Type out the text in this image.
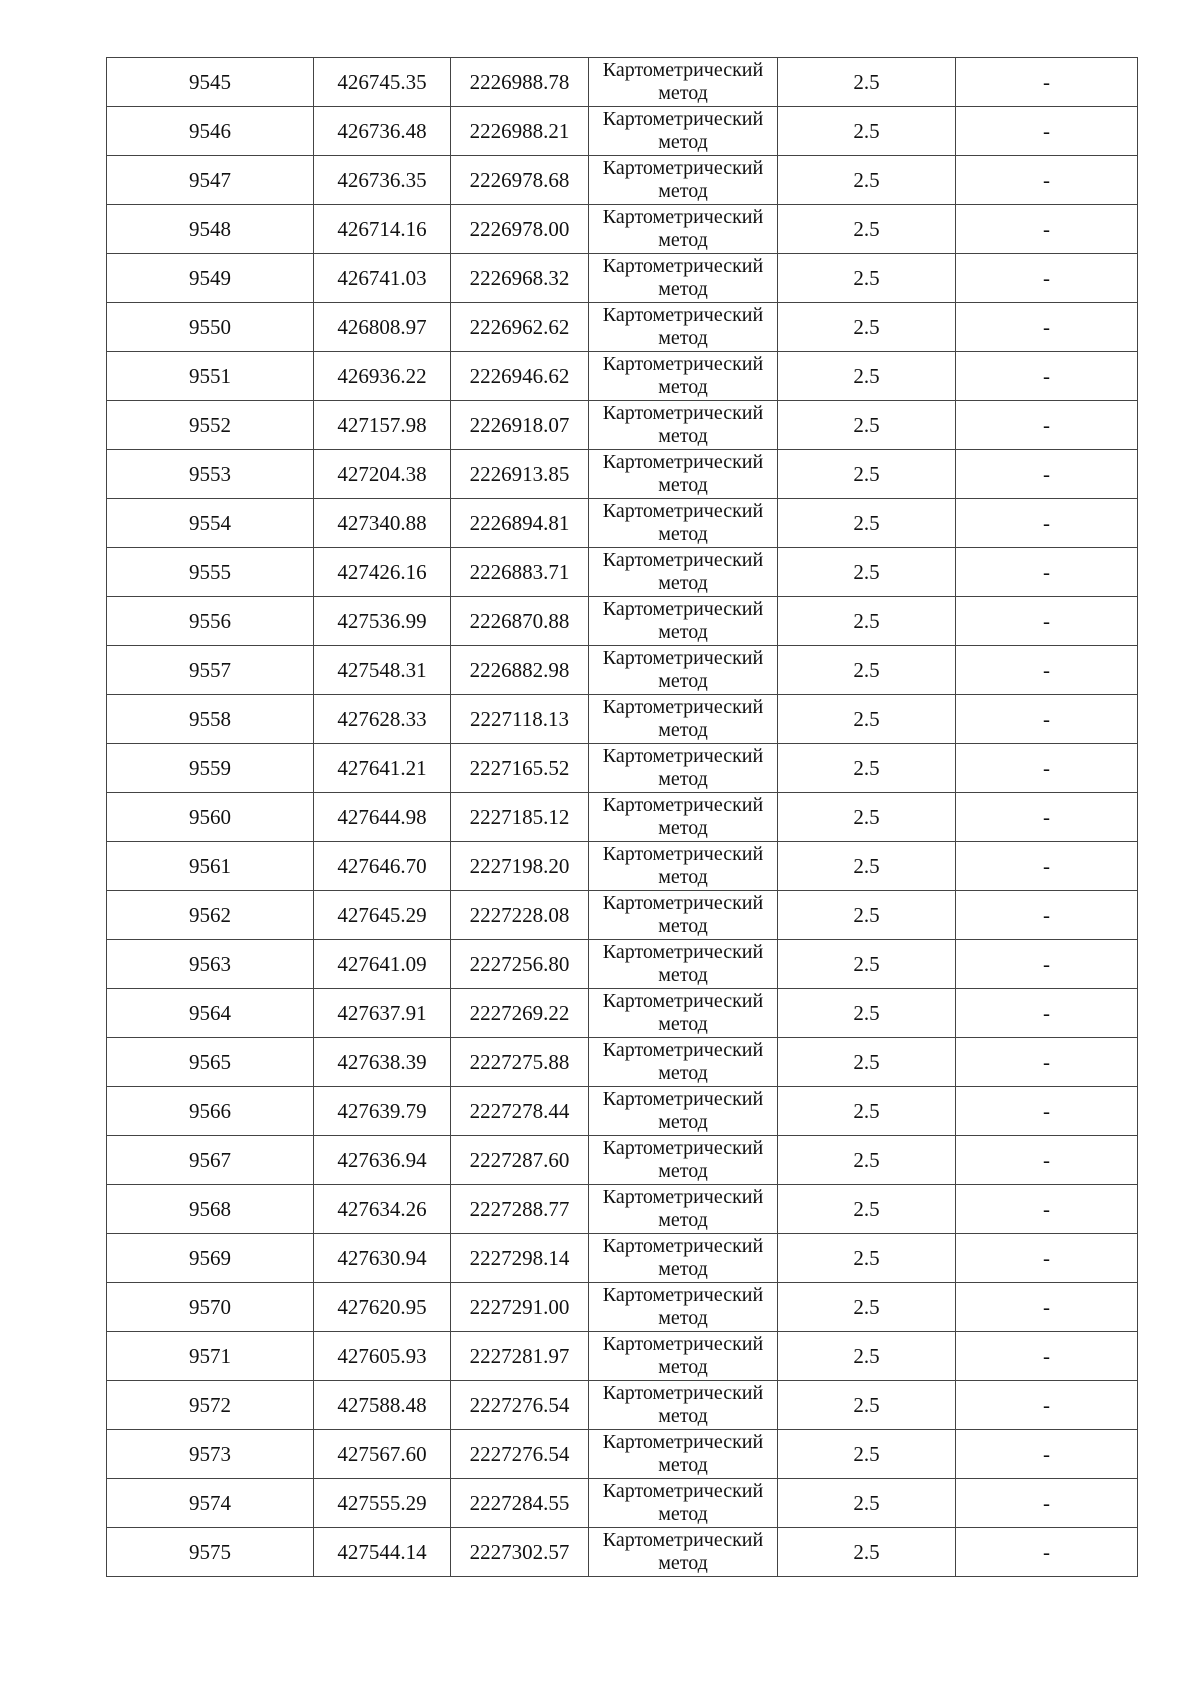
9545	426745.35	2226988.78	Картометрический метод	2.5	-
9546	426736.48	2226988.21	Картометрический метод	2.5	-
9547	426736.35	2226978.68	Картометрический метод	2.5	-
9548	426714.16	2226978.00	Картометрический метод	2.5	-
9549	426741.03	2226968.32	Картометрический метод	2.5	-
9550	426808.97	2226962.62	Картометрический метод	2.5	-
9551	426936.22	2226946.62	Картометрический метод	2.5	-
9552	427157.98	2226918.07	Картометрический метод	2.5	-
9553	427204.38	2226913.85	Картометрический метод	2.5	-
9554	427340.88	2226894.81	Картометрический метод	2.5	-
9555	427426.16	2226883.71	Картометрический метод	2.5	-
9556	427536.99	2226870.88	Картометрический метод	2.5	-
9557	427548.31	2226882.98	Картометрический метод	2.5	-
9558	427628.33	2227118.13	Картометрический метод	2.5	-
9559	427641.21	2227165.52	Картометрический метод	2.5	-
9560	427644.98	2227185.12	Картометрический метод	2.5	-
9561	427646.70	2227198.20	Картометрический метод	2.5	-
9562	427645.29	2227228.08	Картометрический метод	2.5	-
9563	427641.09	2227256.80	Картометрический метод	2.5	-
9564	427637.91	2227269.22	Картометрический метод	2.5	-
9565	427638.39	2227275.88	Картометрический метод	2.5	-
9566	427639.79	2227278.44	Картометрический метод	2.5	-
9567	427636.94	2227287.60	Картометрический метод	2.5	-
9568	427634.26	2227288.77	Картометрический метод	2.5	-
9569	427630.94	2227298.14	Картометрический метод	2.5	-
9570	427620.95	2227291.00	Картометрический метод	2.5	-
9571	427605.93	2227281.97	Картометрический метод	2.5	-
9572	427588.48	2227276.54	Картометрический метод	2.5	-
9573	427567.60	2227276.54	Картометрический метод	2.5	-
9574	427555.29	2227284.55	Картометрический метод	2.5	-
9575	427544.14	2227302.57	Картометрический метод	2.5	-
